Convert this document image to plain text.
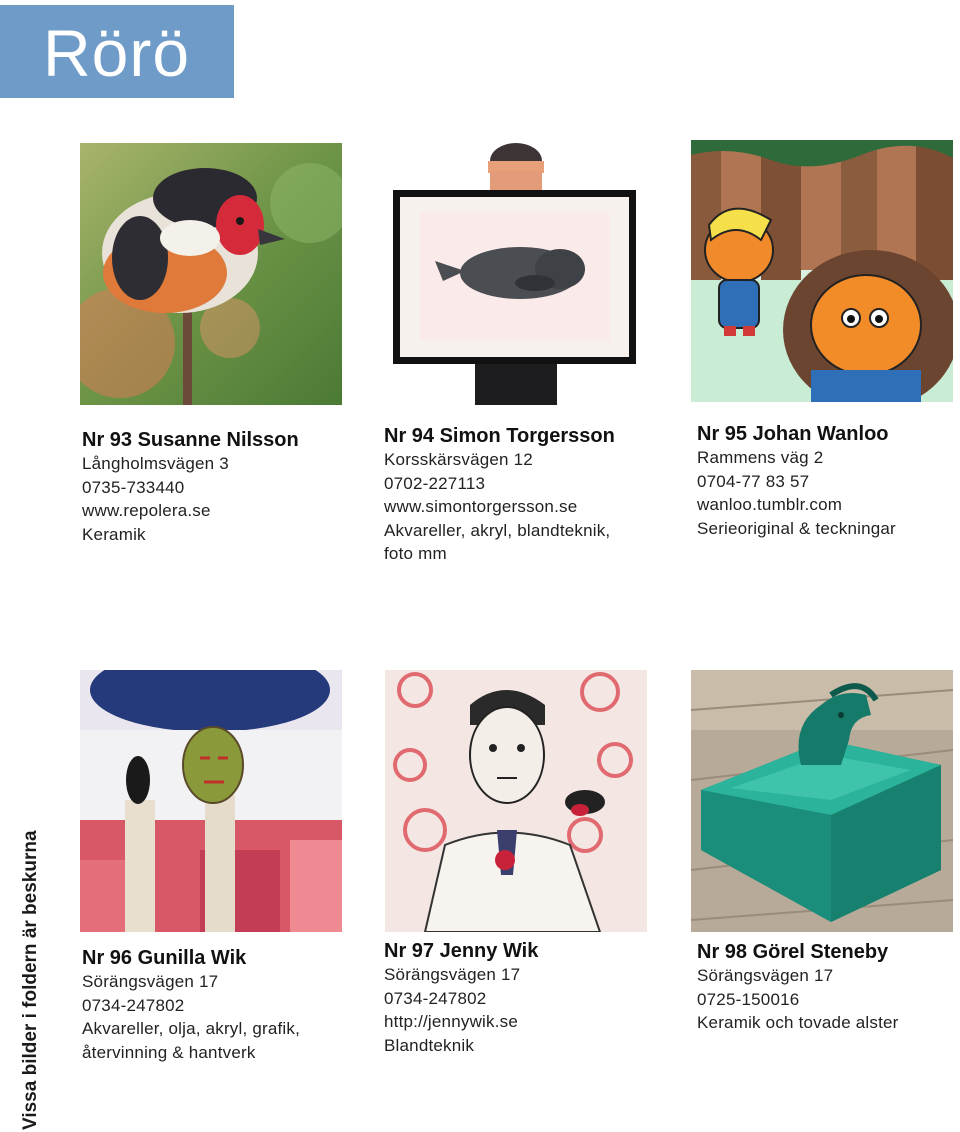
Rörö
Vissa bilder i foldern är beskurna
Nr 93 Susanne Nilsson
Långholmsvägen 3
0735-733440
www.repolera.se
Keramik
Nr 94 Simon Torgersson
Korsskärsvägen 12
0702-227113
www.simontorgersson.se
Akvareller, akryl, blandteknik,
foto mm
Nr 95 Johan Wanloo
Rammens väg 2
0704-77 83 57
wanloo.tumblr.com
Serieoriginal & teckningar
Nr 96 Gunilla Wik
Sörängsvägen 17
0734-247802
Akvareller, olja, akryl, grafik,
återvinning & hantverk
Nr 97 Jenny Wik
Sörängsvägen 17
0734-247802
http://jennywik.se
Blandteknik
Nr 98 Görel Steneby
Sörängsvägen 17
0725-150016
Keramik och tovade alster
